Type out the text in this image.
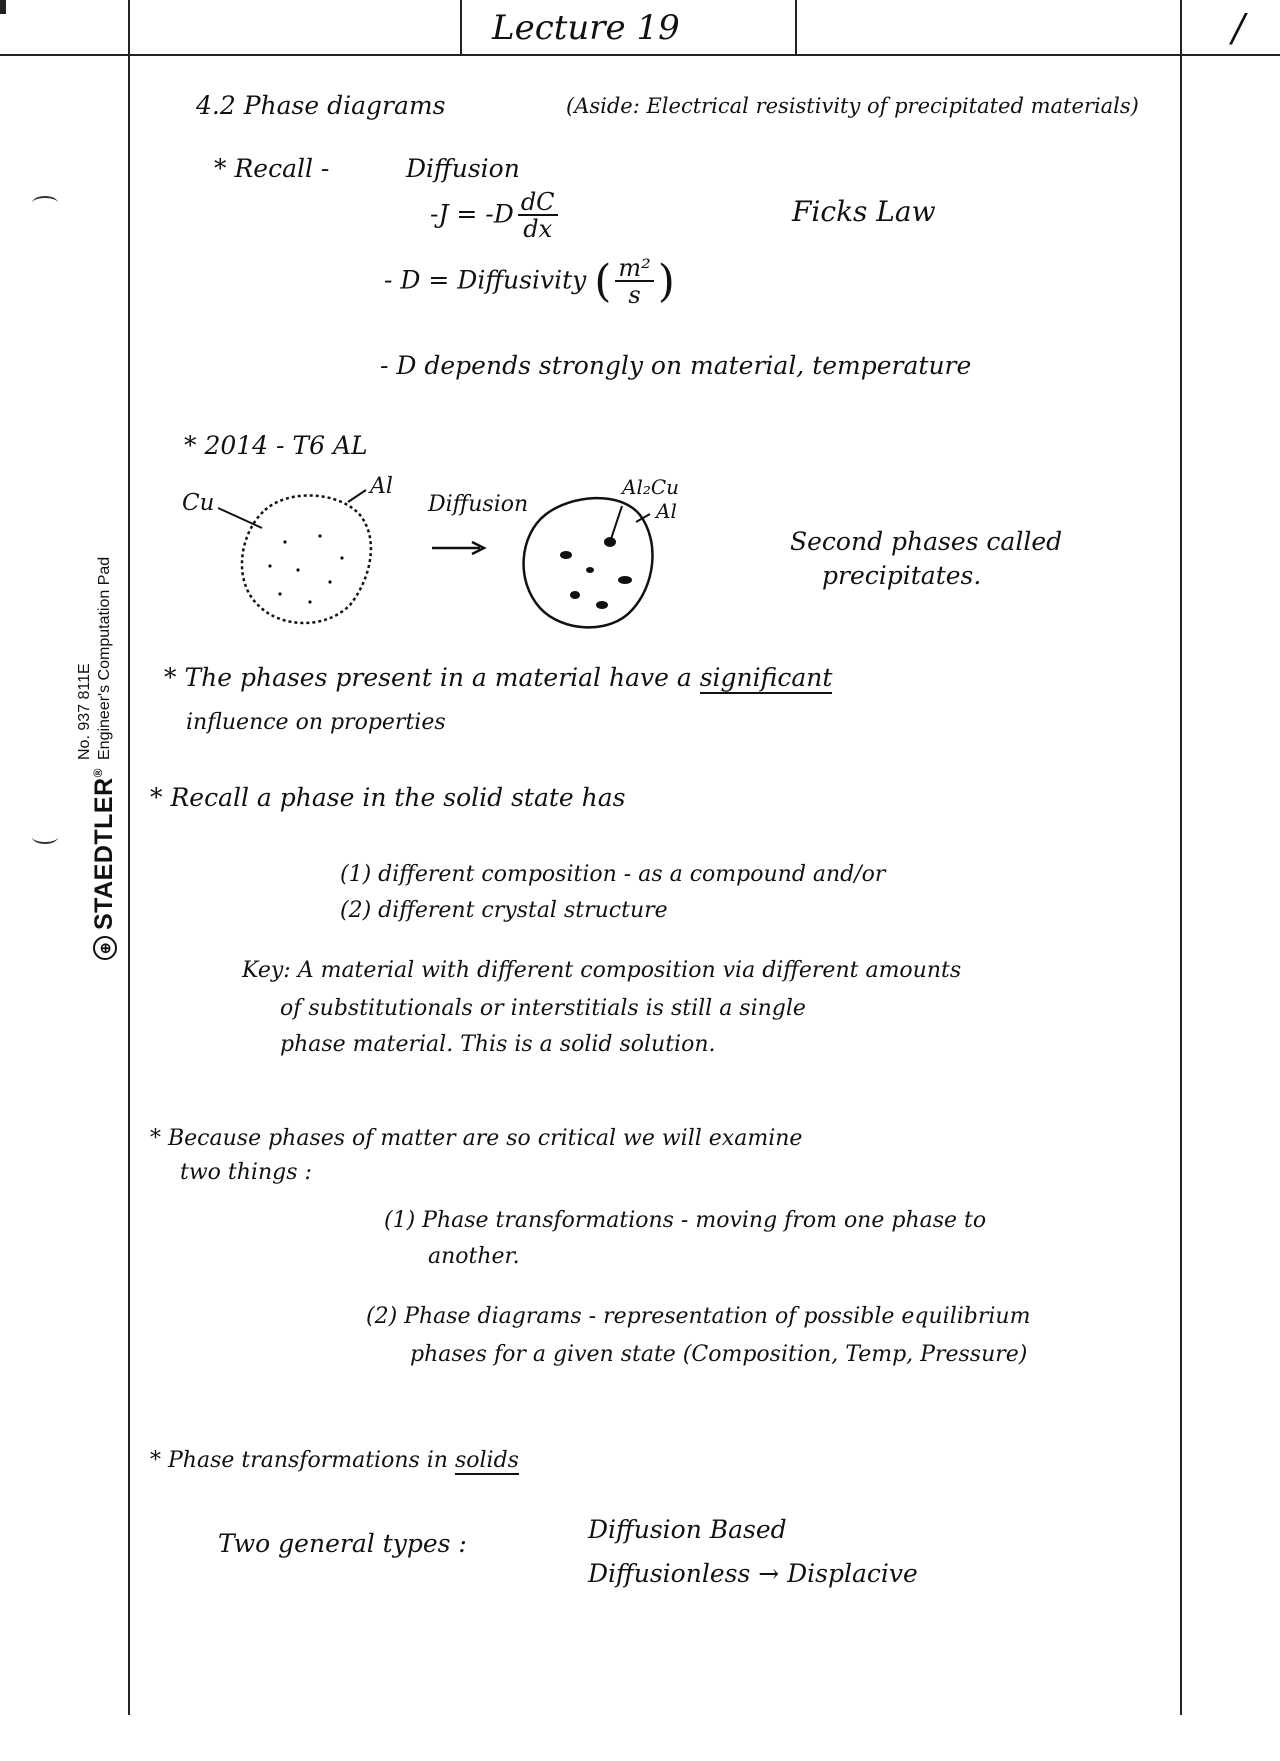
Lecture 19	/
⊕STAEDTLER®
No. 937 811E Engineer's Computation Pad
4.2 Phase diagrams	(Aside: Electrical resistivity of precipitated materials)
* Recall -	Diffusion
$-J = -D \frac{dC}{dx}$	Ficks Law
- D = Diffusivity ( $\frac{\text{m²}}{s}$ )
- D depends strongly on material, temperature
* 2014 - T6 AL
Cu
Al
Diffusion
Al₂Cu
Al
Second phases called
precipitates.
* The phases present in a material have a significant
influence on properties
* Recall a phase in the solid state has
(1) different composition - as a compound and/or
(2) different crystal structure
Key: A material with different composition via different amounts
of substitutionals or interstitials is still a single
phase material. This is a solid solution.
* Because phases of matter are so critical we will examine
two things :
(1) Phase transformations - moving from one phase to
another.
(2) Phase diagrams - representation of possible equilibrium
phases for a given state (Composition, Temp, Pressure)
* Phase transformations in solids
Two general types :	Diffusion Based
Diffusionless → Displacive
